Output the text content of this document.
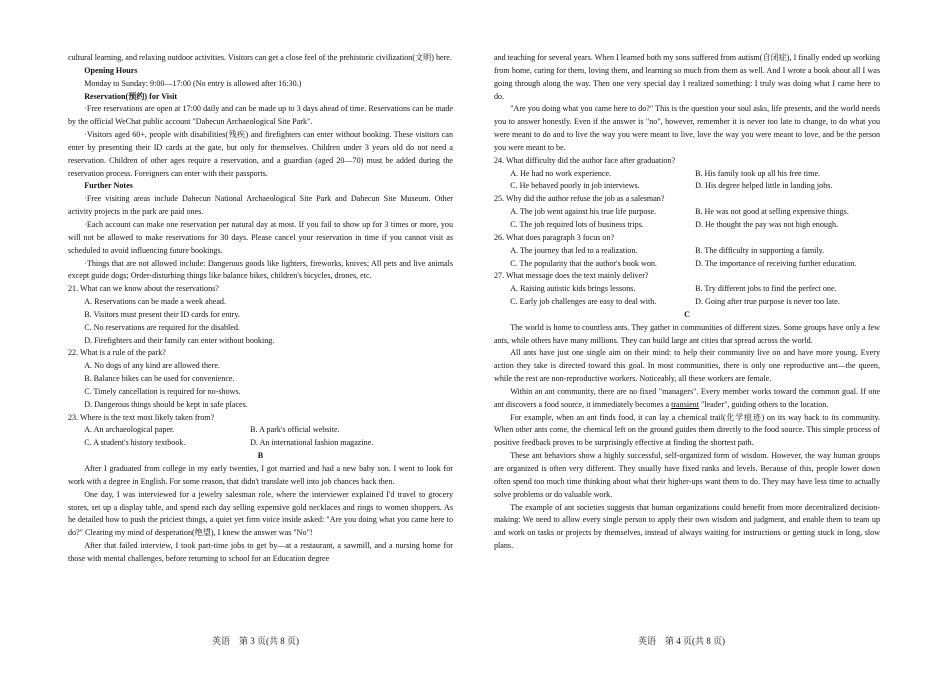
cultural learning, and relaxing outdoor activities. Visitors can get a close feel of the prehistoric civilization(文明) here.

Opening Hours

Monday to Sunday: 9:00—17:00 (No entry is allowed after 16:30.)

Reservation(预约) for Visit

·Free reservations are open at 17:00 daily and can be made up to 3 days ahead of time. Reservations can be made by the official WeChat public account "Dahecun Archaeological Site Park".

·Visitors aged 60+, people with disabilities(残疾) and firefighters can enter without booking. These visitors can enter by presenting their ID cards at the gate, but only for themselves. Children under 3 years old do not need a reservation. Children of other ages require a reservation, and a guardian (aged 20—70) must be added during the reservation process. Foreigners can enter with their passports.

Further Notes

·Free visiting areas include Dahecun National Archaeological Site Park and Dahecun Site Museum. Other activity projects in the park are paid ones.

·Each account can make one reservation per natural day at most. If you fail to show up for 3 times or more, you will not be allowed to make reservations for 30 days. Please cancel your reservation in time if you cannot visit as scheduled to avoid influencing future bookings.

·Things that are not allowed include: Dangerous goods like lighters, fireworks, knives; All pets and live animals except guide dogs; Order-disturbing things like balance bikes, children's bicycles, drones, etc.

21. What can we know about the reservations?

A. Reservations can be made a week ahead.

B. Visitors must present their ID cards for entry.

C. No reservations are required for the disabled.

D. Firefighters and their family can enter without booking.

22. What is a rule of the park?

A. No dogs of any kind are allowed there.

B. Balance bikes can be used for convenience.

C. Timely cancellation is required for no-shows.

D. Dangerous things should be kept in safe places.

23. Where is the text most likely taken from?

A. An archaeological paper.	B. A park's official website.
C. A student's history textbook.	D. An international fashion magazine.

B

After I graduated from college in my early twenties, I got married and had a new baby son. I went to look for work with a degree in English. For some reason, that didn't translate well into job chances back then.

One day, I was interviewed for a jewelry salesman role, where the interviewer explained I'd travel to grocery stores, set up a display table, and spend each day selling expensive gold necklaces and rings to women shoppers. As he detailed how to push the priciest things, a quiet yet firm voice inside asked: "Are you doing what you came here to do?" Clearing my mind of desperation(绝望), I knew the answer was "No"!

After that failed interview, I took part-time jobs to get by—at a restaurant, a sawmill, and a nursing home for those with mental challenges, before returning to school for an Education degree

and teaching for several years. When I learned both my sons suffered from autism(自闭症), I finally ended up working from home, caring for them, loving them, and learning so much from them as well. And I wrote a book about all I was going through along the way. Then one very special day I realized something: I truly was doing what I came here to do.

"Are you doing what you came here to do?" This is the question your soul asks, life presents, and the world needs you to answer honestly. Even if the answer is "no", however, remember it is never too late to change, to do what you were meant to do and to live the way you were meant to live, love the way you were meant to love, and be the person you were meant to be.

24. What difficulty did the author face after graduation?

A. He had no work experience.	B. His family took up all his free time.
C. He behaved poorly in job interviews.	D. His degree helped little in landing jobs.

25. Why did the author refuse the job as a salesman?

A. The job went against his true life purpose.	B. He was not good at selling expensive things.
C. The job required lots of business trips.	D. He thought the pay was not high enough.

26. What does paragraph 3 focus on?

A. The journey that led to a realization.	B. The difficulty in supporting a family.
C. The popularity that the author's book won.	D. The importance of receiving further education.

27. What message does the text mainly deliver?

A. Raising autistic kids brings lessons.	B. Try different jobs to find the perfect one.
C. Early job challenges are easy to deal with.	D. Going after true purpose is never too late.

C

The world is home to countless ants. They gather in communities of different sizes. Some groups have only a few ants, while others have many millions. They can build large ant cities that spread across the world.

All ants have just one single aim on their mind: to help their community live on and have more young. Every action they take is directed toward this goal. In most communities, there is only one reproductive ant—the queen, while the rest are non-reproductive workers. Noticeably, all these workers are female.

Within an ant community, there are no fixed "managers". Every member works toward the common goal. If one ant discovers a food source, it immediately becomes a transient "leader", guiding others to the location.

For example, when an ant finds food, it can lay a chemical trail(化学痕迹) on its way back to its community. When other ants come, the chemical left on the ground guides them directly to the food source. This simple process of positive feedback proves to be surprisingly effective at finding the shortest path.

These ant behaviors show a highly successful, self-organized form of wisdom. However, the way human groups are organized is often very different. They usually have fixed ranks and levels. Because of this, people lower down often spend too much time thinking about what their higher-ups want them to do. They may have less time to actually solve problems or do valuable work.

The example of ant societies suggests that human organizations could benefit from more decentralized decision-making: We need to allow every single person to apply their own wisdom and judgment, and enable them to team up and work on tasks or projects by themselves, instead of always waiting for instructions or getting stuck in long, slow plans.

英语　第 3 页(共 8 页)	英语　第 4 页(共 8 页)
